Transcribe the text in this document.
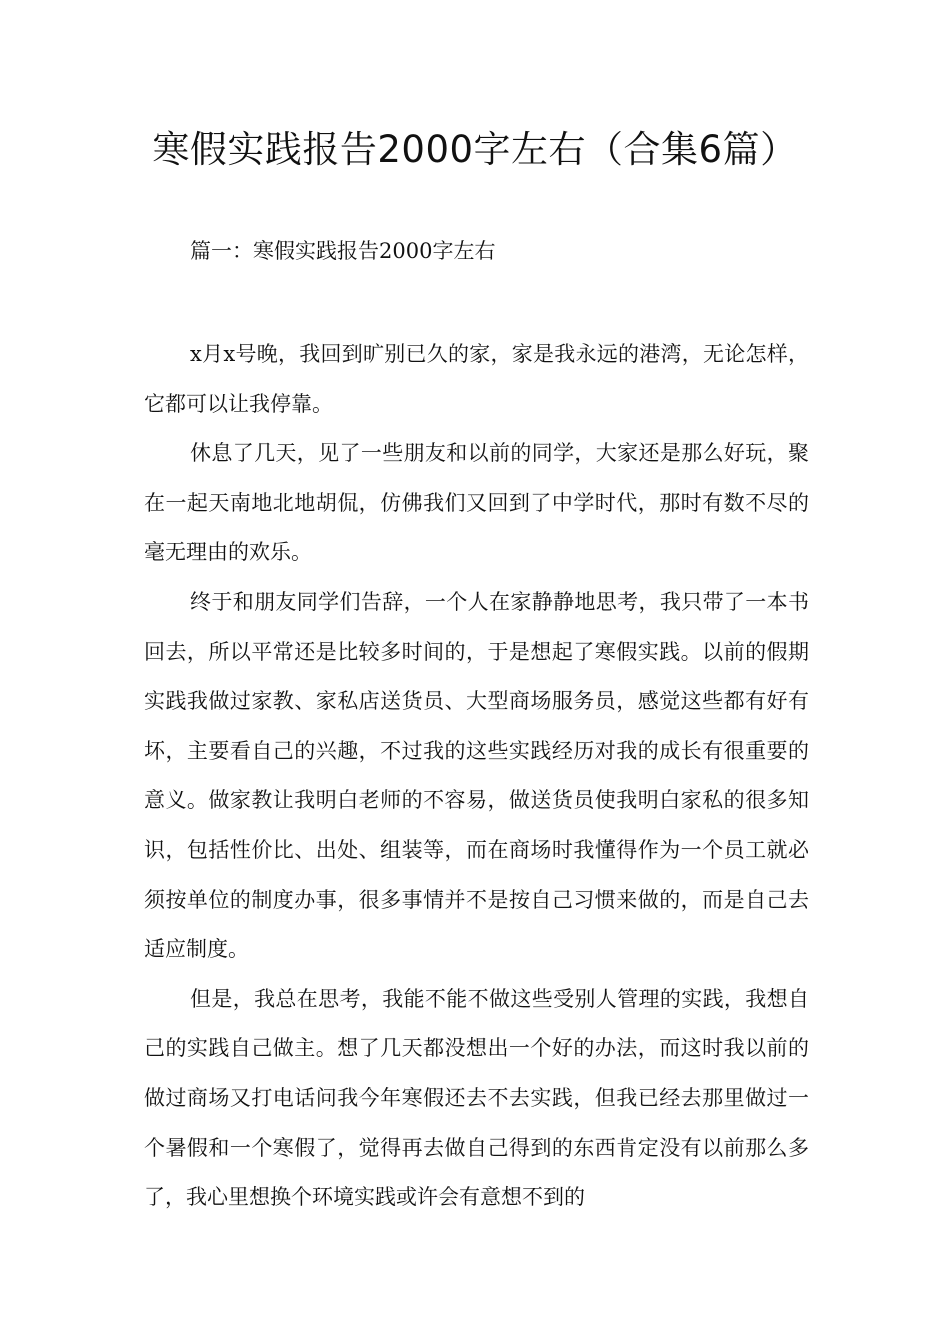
寒假实践报告2000字左右（合集6篇）
篇一：寒假实践报告2000字左右

x月x号晚，我回到旷别已久的家，家是我永远的港湾，无论怎样，它都可以让我停靠。

休息了几天，见了一些朋友和以前的同学，大家还是那么好玩，聚在一起天南地北地胡侃，仿佛我们又回到了中学时代，那时有数不尽的毫无理由的欢乐。

终于和朋友同学们告辞，一个人在家静静地思考，我只带了一本书回去，所以平常还是比较多时间的，于是想起了寒假实践。以前的假期实践我做过家教、家私店送货员、大型商场服务员，感觉这些都有好有坏，主要看自己的兴趣，不过我的这些实践经历对我的成长有很重要的意义。做家教让我明白老师的不容易，做送货员使我明白家私的很多知识，包括性价比、出处、组装等，而在商场时我懂得作为一个员工就必须按单位的制度办事，很多事情并不是按自己习惯来做的，而是自己去适应制度。

但是，我总在思考，我能不能不做这些受别人管理的实践，我想自己的实践自己做主。想了几天都没想出一个好的办法，而这时我以前的做过商场又打电话问我今年寒假还去不去实践，但我已经去那里做过一个暑假和一个寒假了，觉得再去做自己得到的东西肯定没有以前那么多了，我心里想换个环境实践或许会有意想不到的
